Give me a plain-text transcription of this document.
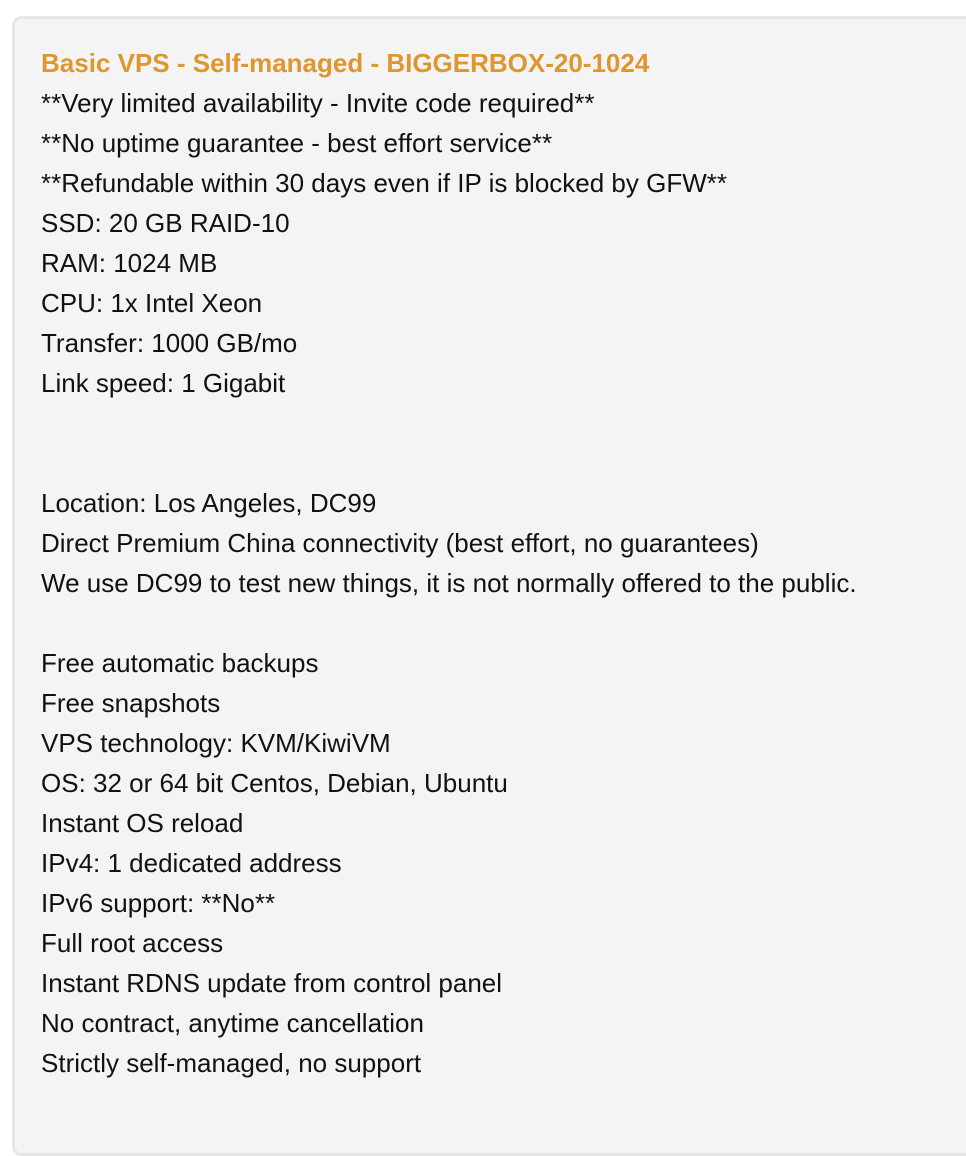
Basic VPS - Self-managed - BIGGERBOX-20-1024
**Very limited availability - Invite code required**
**No uptime guarantee - best effort service**
**Refundable within 30 days even if IP is blocked by GFW**
SSD: 20 GB RAID-10
RAM: 1024 MB
CPU: 1x Intel Xeon
Transfer: 1000 GB/mo
Link speed: 1 Gigabit
Location: Los Angeles, DC99
Direct Premium China connectivity (best effort, no guarantees)
We use DC99 to test new things, it is not normally offered to the public.
Free automatic backups
Free snapshots
VPS technology: KVM/KiwiVM
OS: 32 or 64 bit Centos, Debian, Ubuntu
Instant OS reload
IPv4: 1 dedicated address
IPv6 support: **No**
Full root access
Instant RDNS update from control panel
No contract, anytime cancellation
Strictly self-managed, no support
